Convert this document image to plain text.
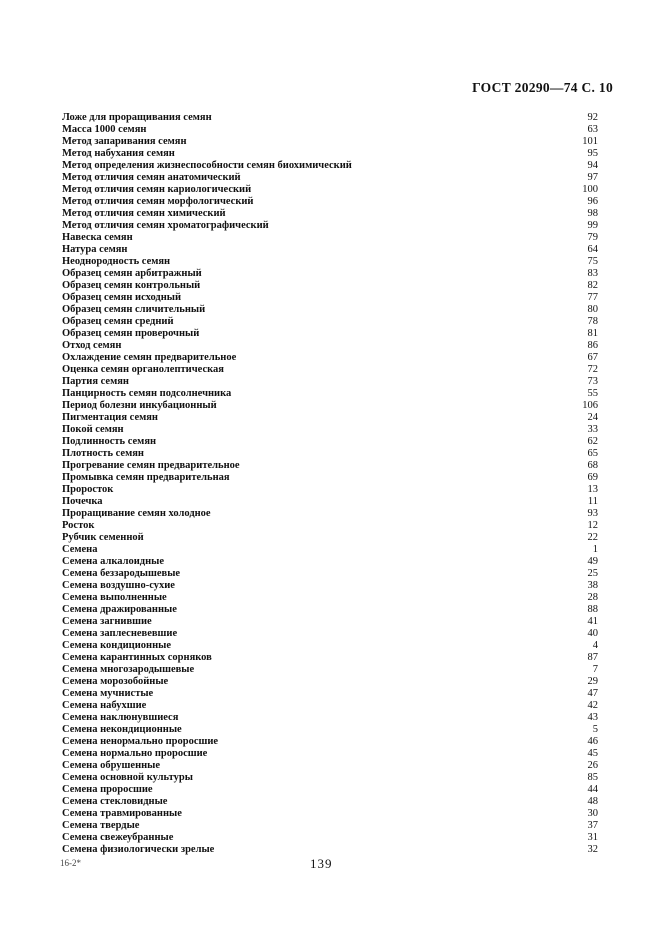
ГОСТ 20290—74 С. 10
Ложе для проращивания семян	92
Масса 1000 семян	63
Метод запаривания семян	101
Метод набухания семян	95
Метод определения жизнеспособности семян биохимический	94
Метод отличия семян анатомический	97
Метод отличия семян кариологический	100
Метод отличия семян морфологический	96
Метод отличия семян химический	98
Метод отличия семян хроматографический	99
Навеска семян	79
Натура семян	64
Неоднородность семян	75
Образец семян арбитражный	83
Образец семян контрольный	82
Образец семян исходный	77
Образец семян сличительный	80
Образец семян средний	78
Образец семян проверочный	81
Отход семян	86
Охлаждение семян предварительное	67
Оценка семян органолептическая	72
Партия семян	73
Панцирность семян подсолнечника	55
Период болезни инкубационный	106
Пигментация семян	24
Покой семян	33
Подлинность семян	62
Плотность семян	65
Прогревание семян предварительное	68
Промывка семян предварительная	69
Проросток	13
Почечка	11
Проращивание семян холодное	93
Росток	12
Рубчик семенной	22
Семена	1
Семена алкалоидные	49
Семена беззародышевые	25
Семена воздушно-сухие	38
Семена выполненные	28
Семена дражированные	88
Семена загнившие	41
Семена заплесневевшие	40
Семена кондиционные	4
Семена карантинных сорняков	87
Семена многозародышевые	7
Семена морозобойные	29
Семена мучнистые	47
Семена набухшие	42
Семена наклюнувшиеся	43
Семена некондиционные	5
Семена ненормально проросшие	46
Семена нормально проросшие	45
Семена обрушенные	26
Семена основной культуры	85
Семена проросшие	44
Семена стекловидные	48
Семена травмированные	30
Семена твердые	37
Семена свежеубранные	31
Семена физиологически зрелые	32
16-2*	139
